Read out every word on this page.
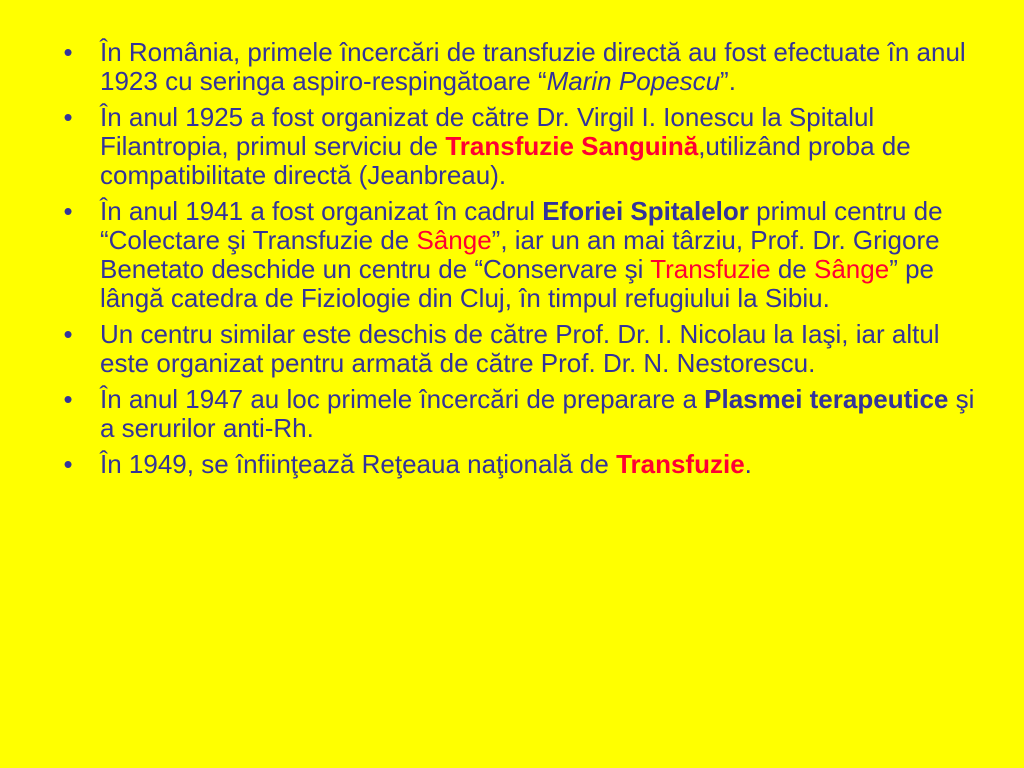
• În România, primele încercări de transfuzie directă au fost efectuate în anul 1923 cu seringa aspiro-respingătoare “Marin Popescu”.
• În anul 1925 a fost organizat de către Dr. Virgil I. Ionescu la Spitalul Filantropia, primul serviciu de Transfuzie Sanguină,utilizând proba de compatibilitate directă (Jeanbreau).
• În anul 1941 a fost organizat în cadrul Eforiei Spitalelor primul centru de “Colectare şi Transfuzie de Sânge”, iar un an mai târziu, Prof. Dr. Grigore Benetato deschide un centru de “Conservare şi Transfuzie de Sânge” pe lângă catedra de Fiziologie din Cluj, în timpul refugiului la Sibiu.
• Un centru similar este deschis de către Prof. Dr. I. Nicolau la Iaşi, iar altul este organizat pentru armată de către Prof. Dr. N. Nestorescu.
• În anul 1947 au loc primele încercări de preparare a Plasmei terapeutice şi a serurilor anti-Rh.
• În 1949, se înfiinţează Reţeaua naţională de Transfuzie.
